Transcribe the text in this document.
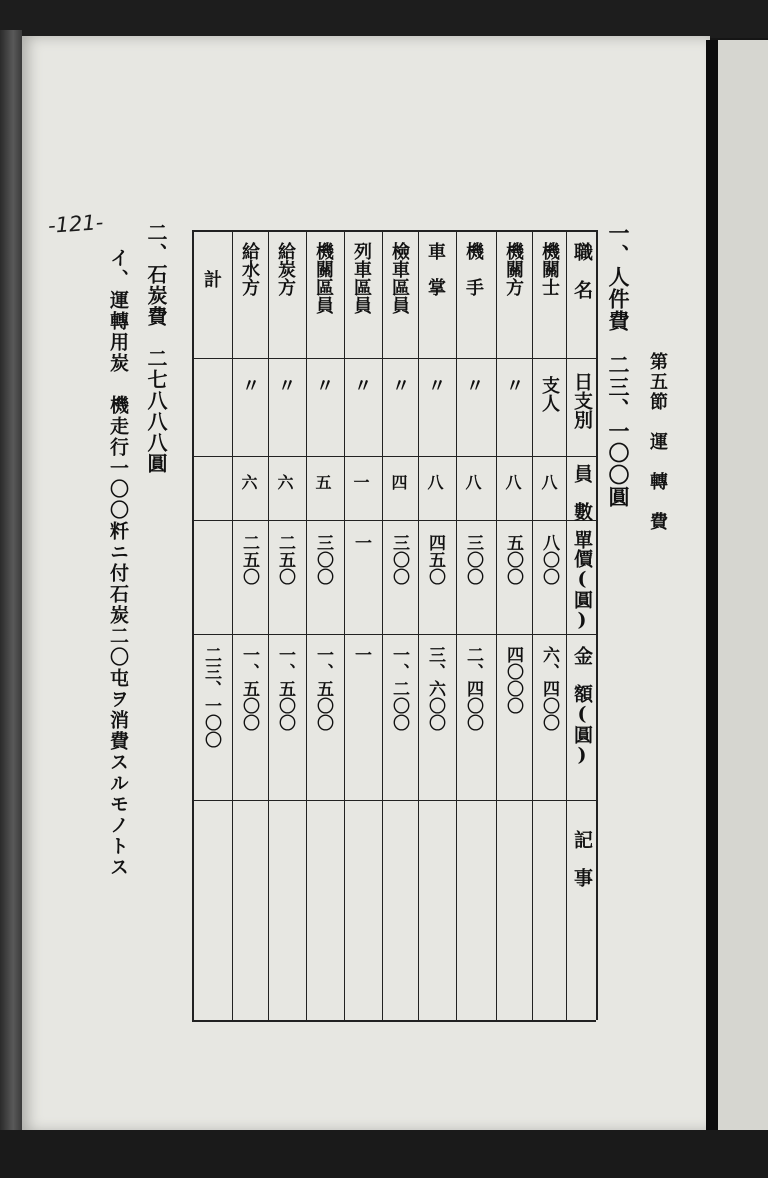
-121-
第五節　運　轉　費
一、人件費　二三、一〇〇圓
職　名
日支別
員　數
單價(圓)
金　額(圓)
記　事
機關士
支人
八
八〇〇
六、四〇〇
機關方
〃
八
五〇〇
四〇〇〇
機　手
〃
八
三〇〇
二、四〇〇
車　掌
〃
八
四五〇
三、六〇〇
檢車區員
〃
四
三〇〇
一、二〇〇
列車區員
〃
一
一
一
機關區員
〃
五
三〇〇
一、五〇〇
給炭方
〃
六
二五〇
一、五〇〇
給水方
〃
六
二五〇
一、五〇〇
計
二三、一〇〇
二、石炭費　二七八八八圓
イ、運轉用炭　機走行一〇〇粁ニ付石炭二〇屯ヲ消費スルモノトス
